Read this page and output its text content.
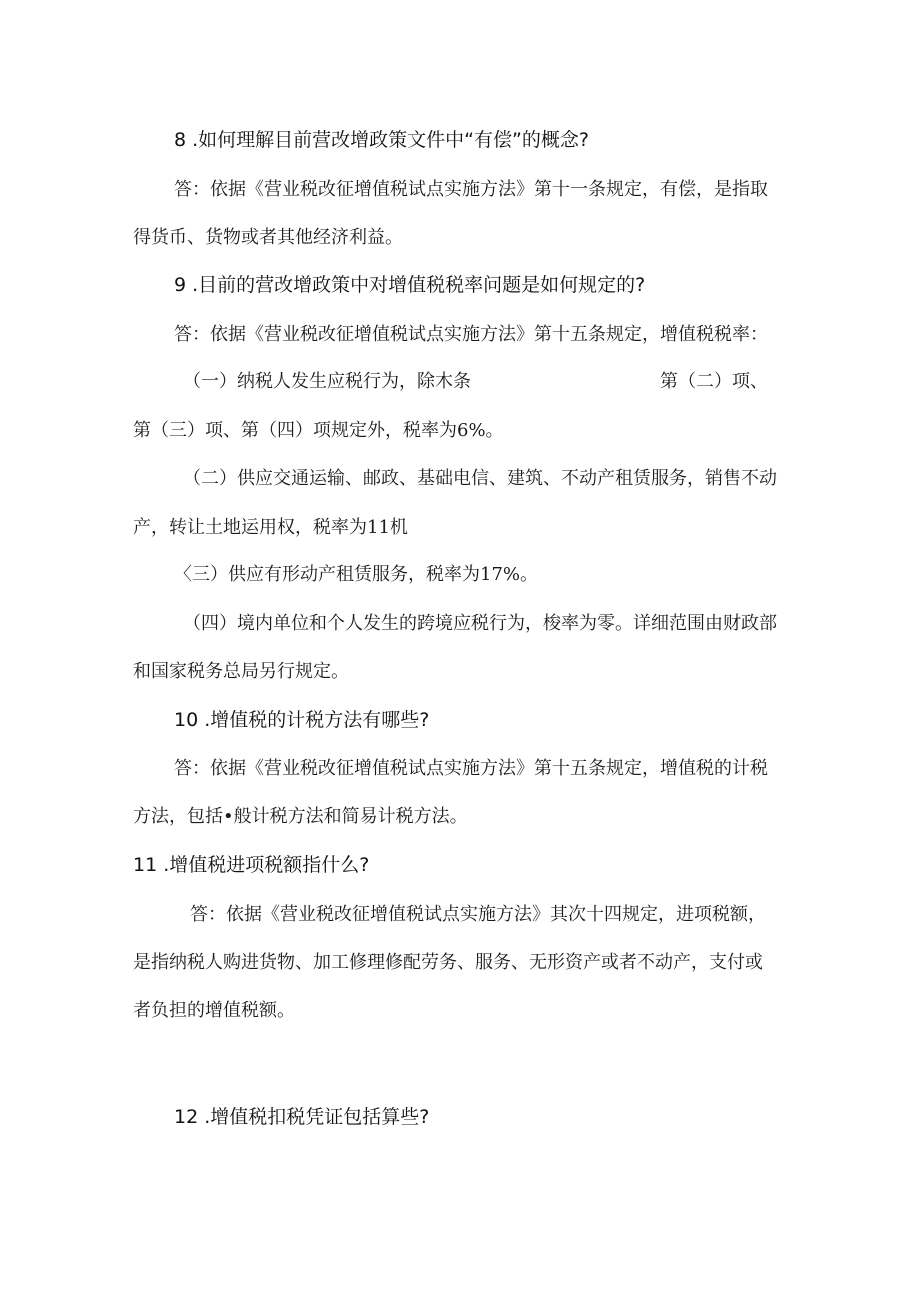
8 .如何理解目前营改增政策文件中“有偿”的概念?
答：依据《营业税改征增值税试点实施方法》第十一条规定，有偿，是指取
得货币、货物或者其他经济利益。
9 .目前的营改增政策中对增值税税率问题是如何规定的?
答：依据《营业税改征增值税试点实施方法》第十五条规定，增值税税率：
（一）纳税人发生应税行为，除木条	第（二）项、
第（三）项、第（四）项规定外，税率为6%。
（二）供应交通运输、邮政、基础电信、建筑、不动产租赁服务，销售不动
产，转让土地运用权，税率为11机
〈三）供应有形动产租赁服务，税率为17%。
（四）境内单位和个人发生的跨境应税行为，梭率为零。详细范围由财政部
和国家税务总局另行规定。
10 .增值税的计税方法有哪些?
答：依据《营业税改征增值税试点实施方法》第十五条规定，增值税的计税
方法，包括•般计税方法和简易计税方法。
11 .增值税进项税额指什么?
答：依据《营业税改征增值税试点实施方法》其次十四规定，进项税额，
是指纳税人购进货物、加工修理修配劳务、服务、无形资产或者不动产，支付或
者负担的增值税额。
12 .增值税扣税凭证包括算些?
